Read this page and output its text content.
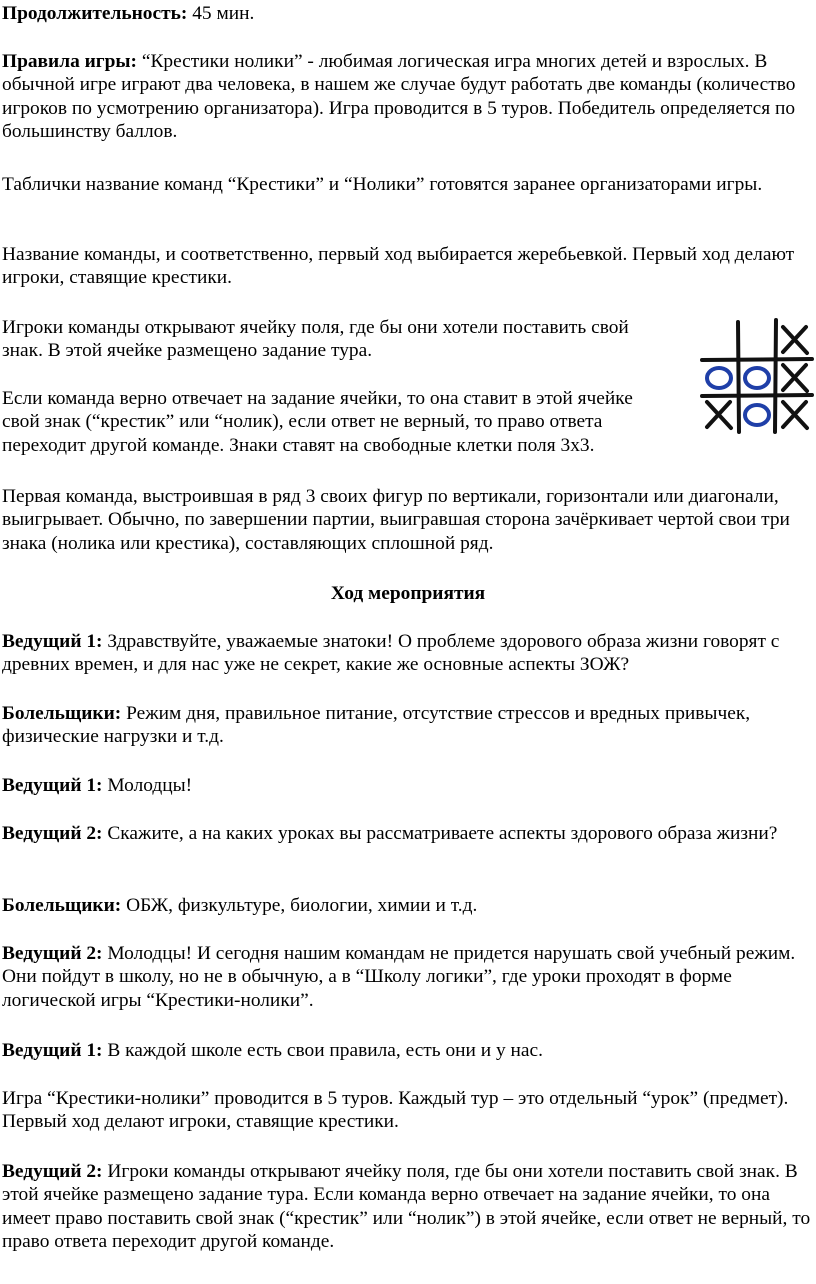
Продолжительность: 45 мин.

Правила игры: “Крестики нолики” - любимая логическая игра многих детей и взрослых. В обычной игре играют два человека, в нашем же случае будут работать две команды (количество игроков по усмотрению организатора). Игра проводится в 5 туров. Победитель определяется по большинству баллов.

Таблички название команд “Крестики” и “Нолики” готовятся заранее организаторами игры.

Название команды, и соответственно, первый ход выбирается жеребьевкой. Первый ход делают игроки, ставящие крестики.

Игроки команды открывают ячейку поля, где бы они хотели поставить свой
знак. В этой ячейке размещено задание тура.

Если команда верно отвечает на задание ячейки, то она ставит в этой ячейке
свой знак (“крестик” или “нолик), если ответ не верный, то право ответа
переходит другой команде. Знаки ставят на свободные клетки поля 3х3.

Первая команда, выстроившая в ряд 3 своих фигур по вертикали, горизонтали или диагонали, выигрывает. Обычно, по завершении партии, выигравшая сторона зачёркивает чертой свои три знака (нолика или крестика), составляющих сплошной ряд.

Ход мероприятия

Ведущий 1: Здравствуйте, уважаемые знатоки! О проблеме здорового образа жизни говорят с древних времен, и для нас уже не секрет, какие же основные аспекты ЗОЖ?

Болельщики: Режим дня, правильное питание, отсутствие стрессов и вредных привычек, физические нагрузки и т.д.

Ведущий 1: Молодцы!

Ведущий 2: Скажите, а на каких уроках вы рассматриваете аспекты здорового образа жизни?

Болельщики: ОБЖ, физкультуре, биологии, химии и т.д.

Ведущий 2: Молодцы! И сегодня нашим командам не придется нарушать свой учебный режим. Они пойдут в школу, но не в обычную, а в “Школу логики”, где уроки проходят в форме логической игры “Крестики-нолики”.

Ведущий 1: В каждой школе есть свои правила, есть они и у нас.

Игра “Крестики-нолики” проводится в 5 туров. Каждый тур – это отдельный “урок” (предмет). Первый ход делают игроки, ставящие крестики.

Ведущий 2: Игроки команды открывают ячейку поля, где бы они хотели поставить свой знак. В этой ячейке размещено задание тура. Если команда верно отвечает на задание ячейки, то она имеет право поставить свой знак (“крестик” или “нолик”) в этой ячейке, если ответ не верный, то право ответа переходит другой команде.
